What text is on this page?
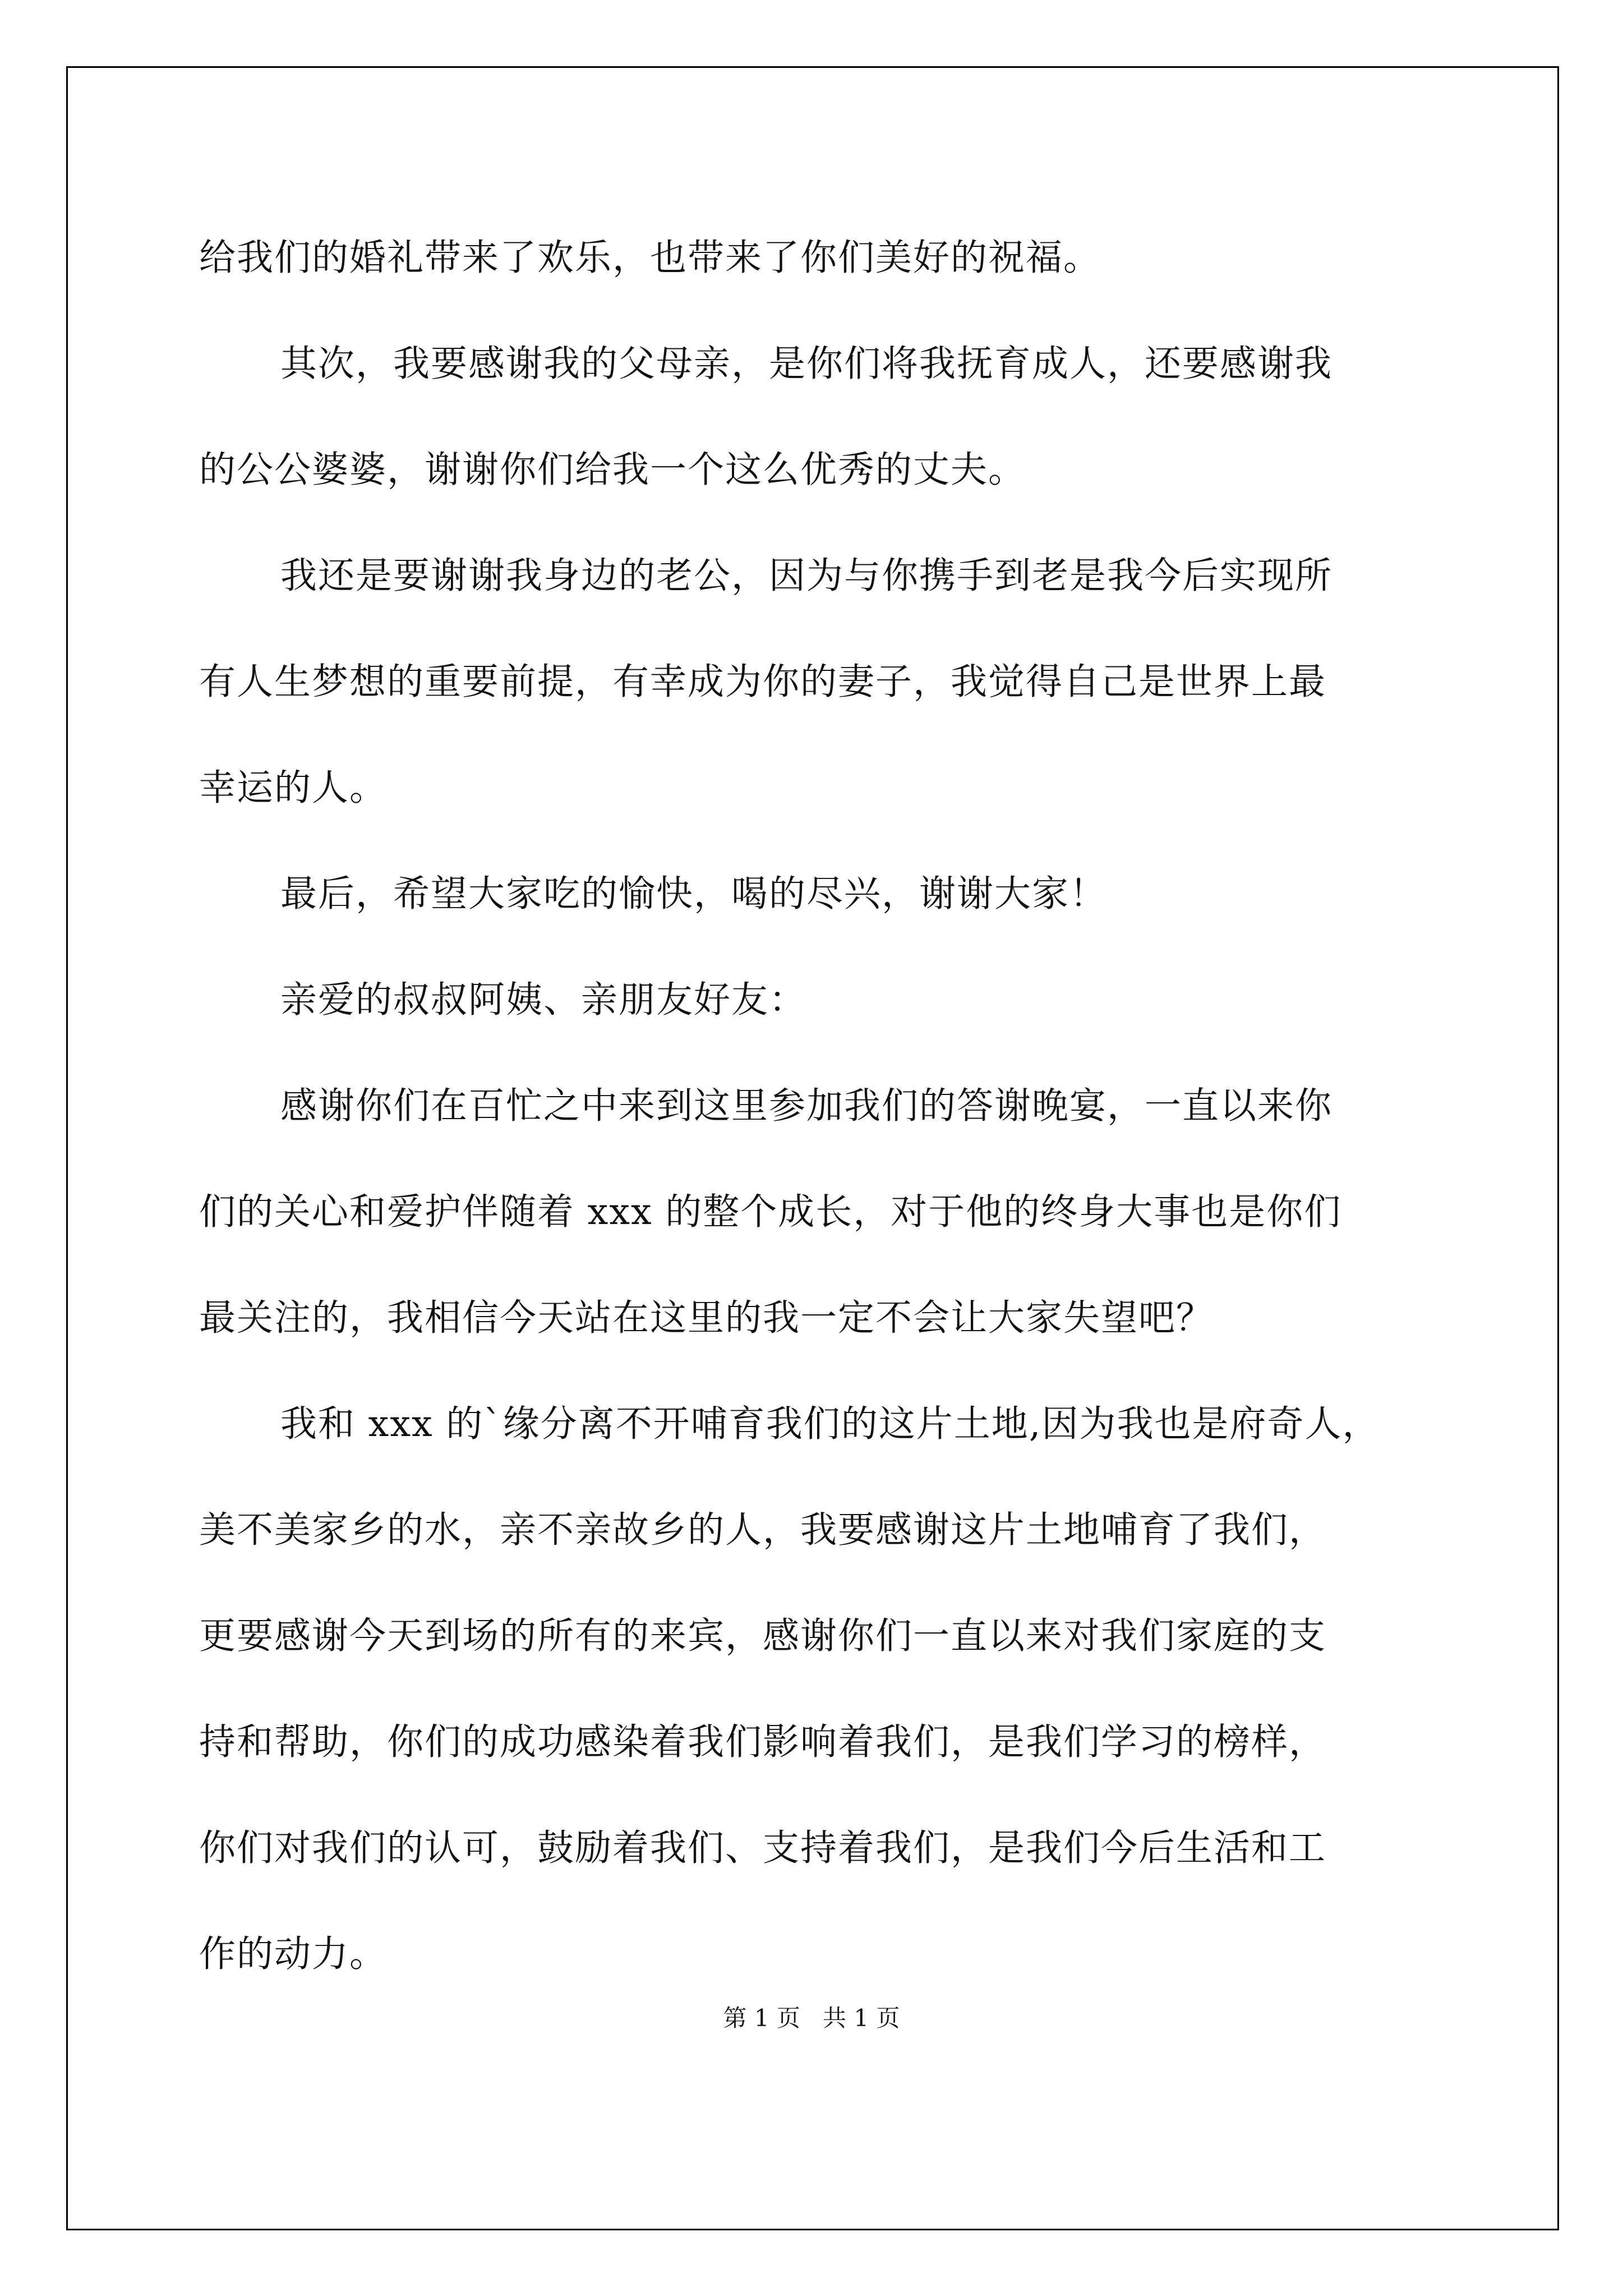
给我们的婚礼带来了欢乐，也带来了你们美好的祝福。

其次，我要感谢我的父母亲，是你们将我抚育成人，还要感谢我

的公公婆婆，谢谢你们给我一个这么优秀的丈夫。

我还是要谢谢我身边的老公，因为与你携手到老是我今后实现所

有人生梦想的重要前提，有幸成为你的妻子，我觉得自己是世界上最

幸运的人。

最后，希望大家吃的愉快，喝的尽兴，谢谢大家！

亲爱的叔叔阿姨、亲朋友好友：

感谢你们在百忙之中来到这里参加我们的答谢晚宴，一直以来你

们的关心和爱护伴随着 xxx 的整个成长，对于他的终身大事也是你们

最关注的，我相信今天站在这里的我一定不会让大家失望吧？

我和 xxx 的`缘分离不开哺育我们的这片土地,因为我也是府奇人，

美不美家乡的水，亲不亲故乡的人，我要感谢这片土地哺育了我们，

更要感谢今天到场的所有的来宾，感谢你们一直以来对我们家庭的支

持和帮助，你们的成功感染着我们影响着我们，是我们学习的榜样，

你们对我们的认可，鼓励着我们、支持着我们，是我们今后生活和工

作的动力。

第 1 页   共 1 页
